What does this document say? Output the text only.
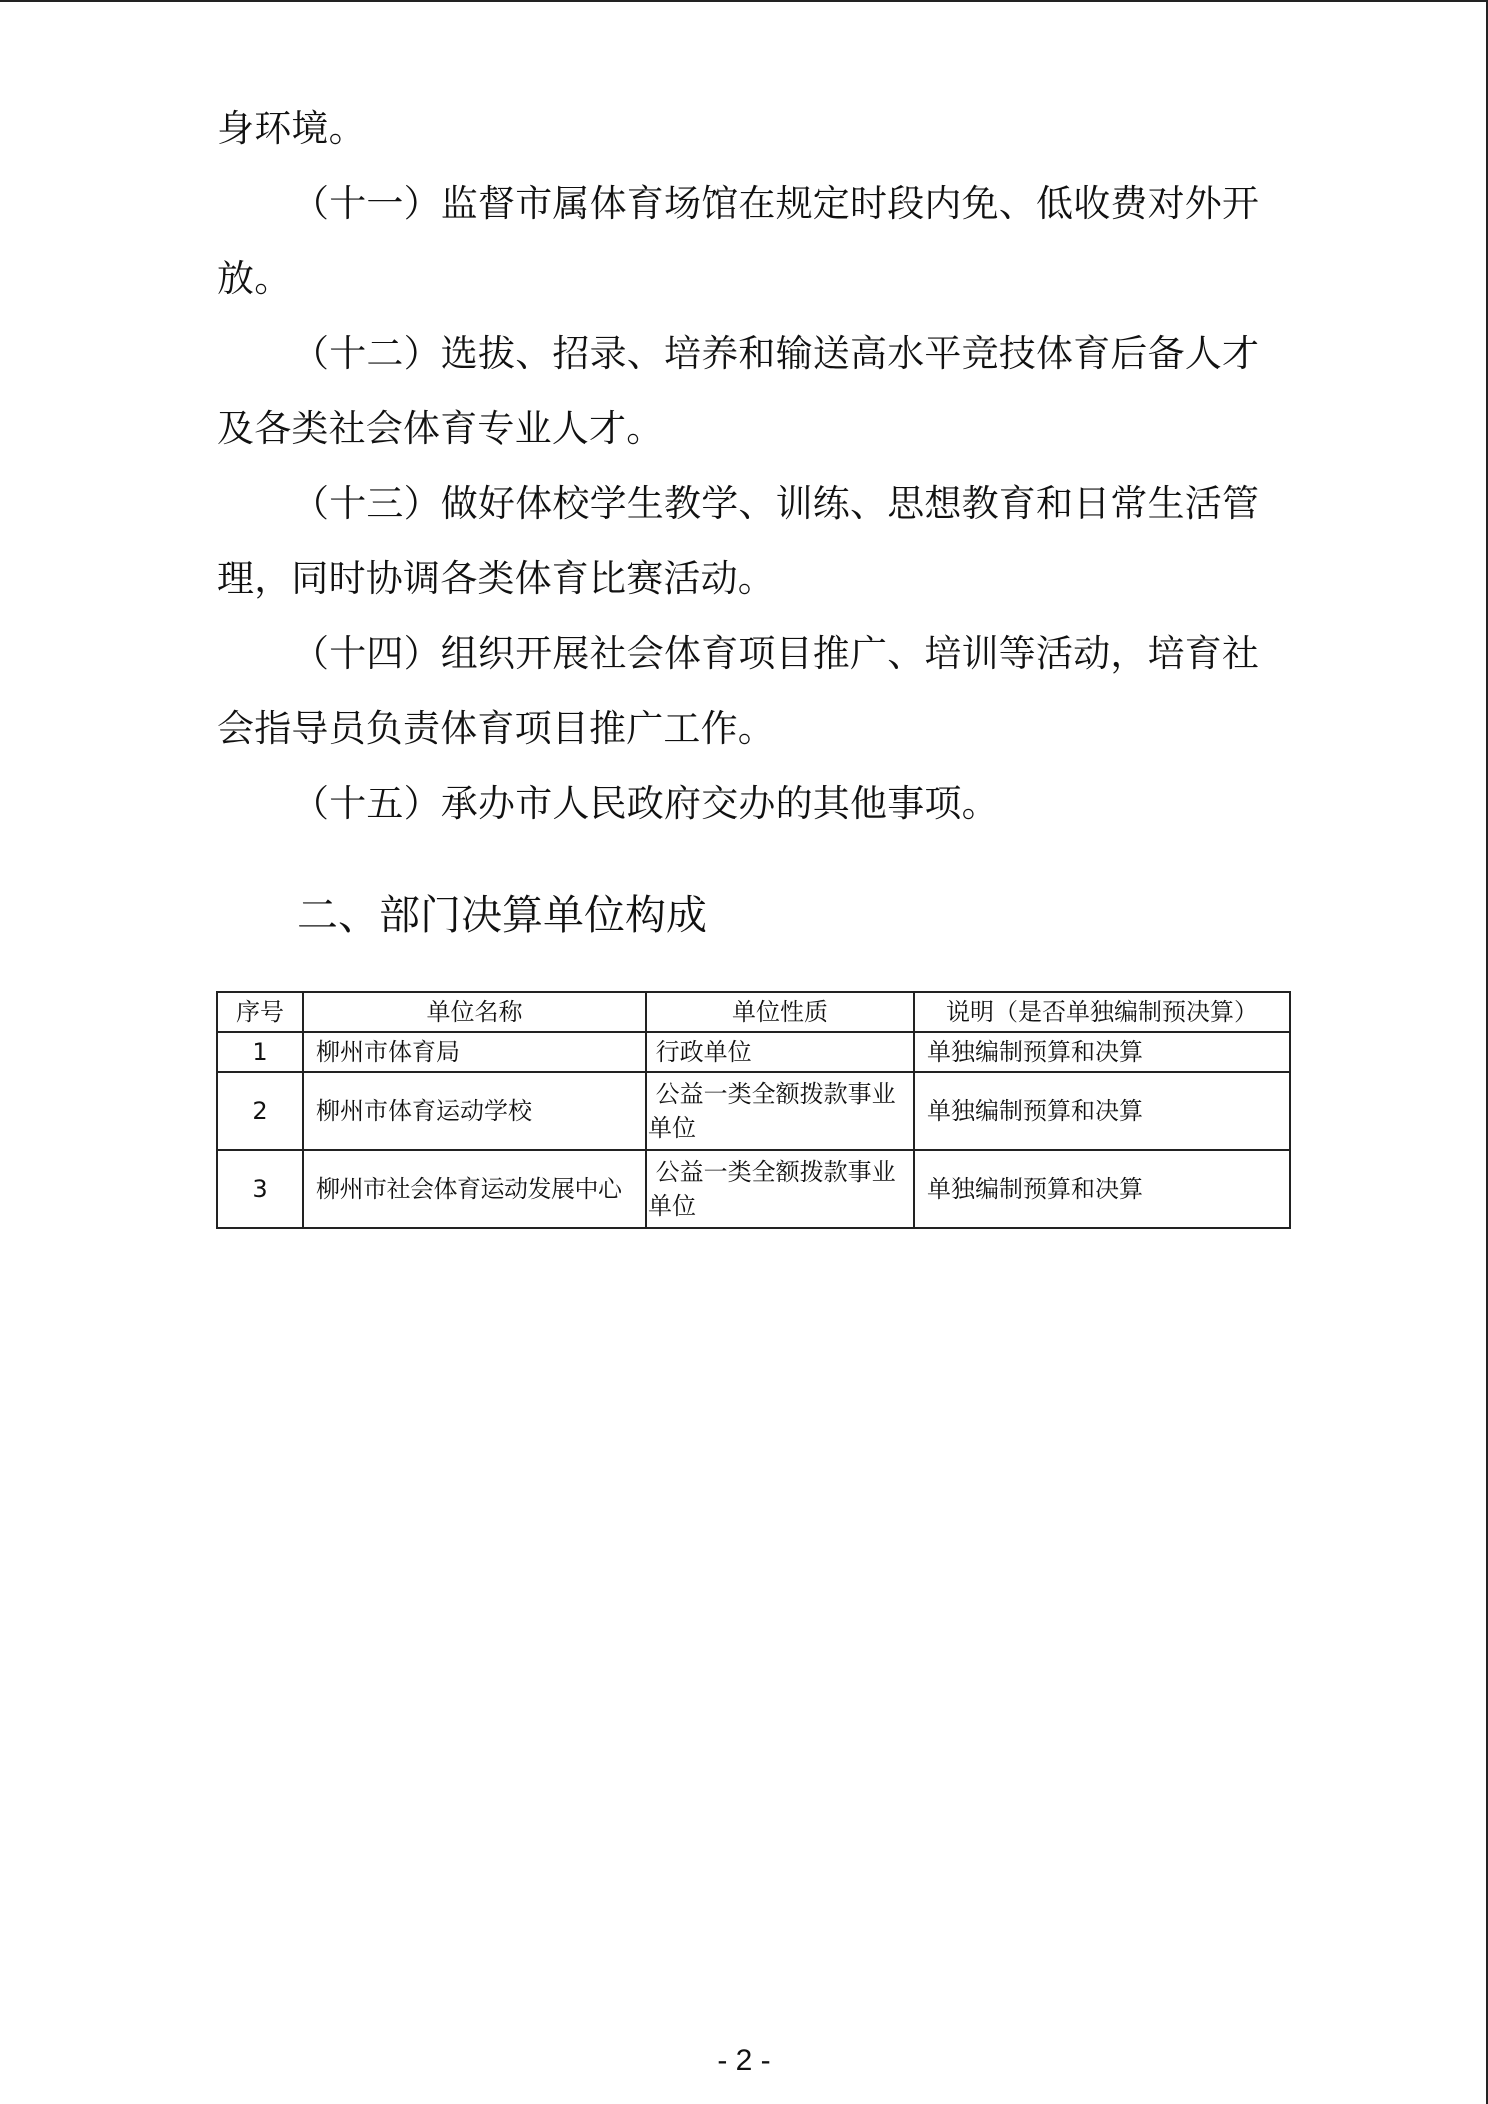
身环境。
（十一）监督市属体育场馆在规定时段内免、低收费对外开
放。
（十二）选拔、招录、培养和输送高水平竞技体育后备人才
及各类社会体育专业人才。
（十三）做好体校学生教学、训练、思想教育和日常生活管
理，同时协调各类体育比赛活动。
（十四）组织开展社会体育项目推广、培训等活动，培育社
会指导员负责体育项目推广工作。
（十五）承办市人民政府交办的其他事项。
二、部门决算单位构成
序号	单位名称	单位性质	说明（是否单独编制预决算）
1	柳州市体育局	行政单位	单独编制预算和决算
2	柳州市体育运动学校	公益一类全额拨款事业单位	单独编制预算和决算
3	柳州市社会体育运动发展中心	公益一类全额拨款事业单位	单独编制预算和决算
- 2 -
